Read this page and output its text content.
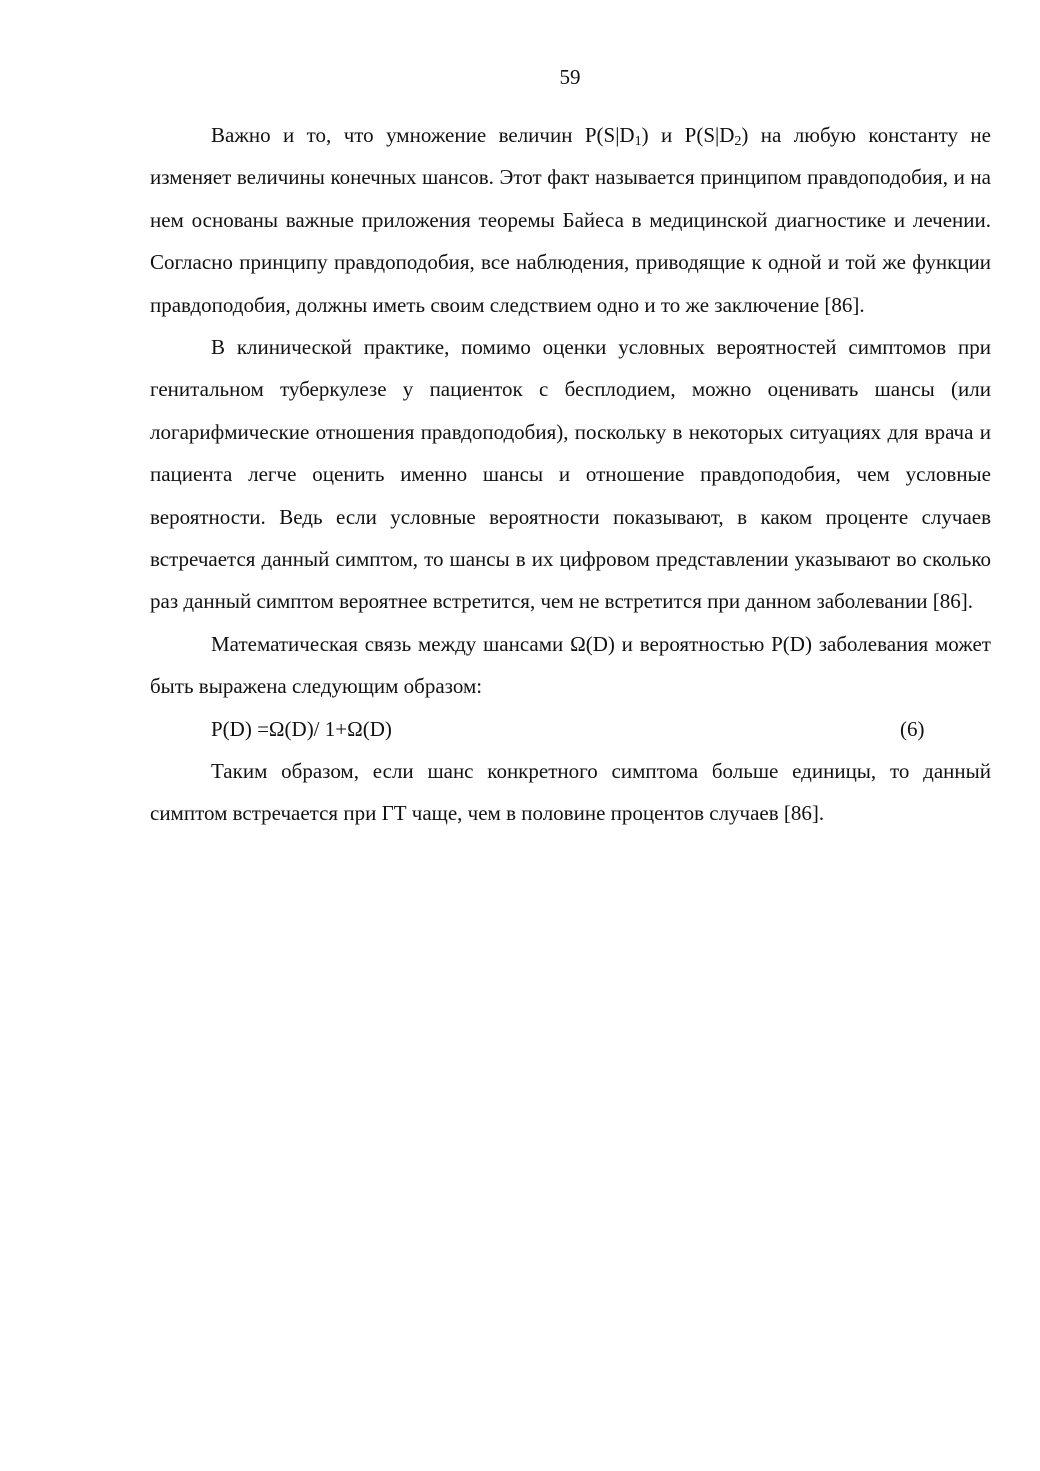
59

Важно и то, что умножение величин $P(S|D_1)$ и $P(S|D_2)$ на любую константу не изменяет величины конечных шансов. Этот факт называется принципом правдоподобия, и на нем основаны важные приложения теоремы Байеса в медицинской диагностике и лечении. Согласно принципу правдоподобия, все наблюдения, приводящие к одной и той же функции правдоподобия, должны иметь своим следствием одно и то же заключение [86].

В клинической практике, помимо оценки условных вероятностей симптомов при генитальном туберкулезе у пациенток с бесплодием, можно оценивать шансы (или логарифмические отношения правдоподобия), поскольку в некоторых ситуациях для врача и пациента легче оценить именно шансы и отношение правдоподобия, чем условные вероятности. Ведь если условные вероятности показывают, в каком проценте случаев встречается данный симптом, то шансы в их цифровом представлении указывают во сколько раз данный симптом вероятнее встретится, чем не встретится при данном заболевании [86].

Математическая связь между шансами Ω(D) и вероятностью P(D) заболевания может быть выражена следующим образом:

P(D) =Ω(D)/ 1+Ω(D)	(6)

Таким образом, если шанс конкретного симптома больше единицы, то данный симптом встречается при ГТ чаще, чем в половине процентов случаев [86].
